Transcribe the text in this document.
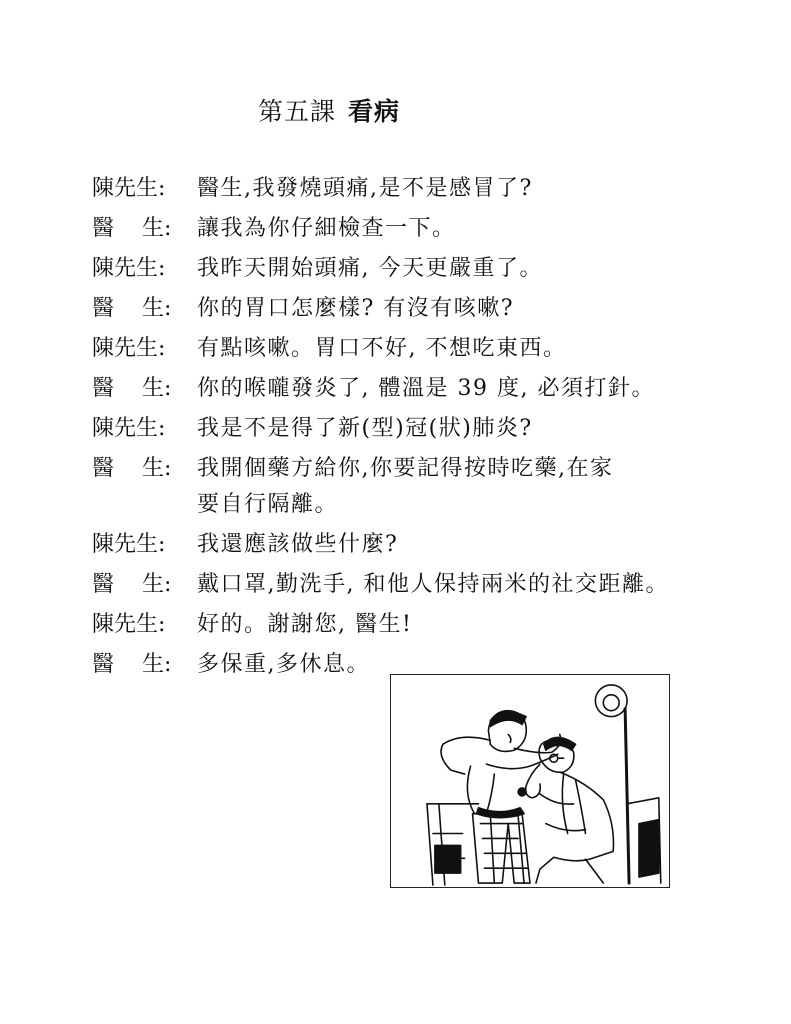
第五課 看病
陳先生:	醫生,我發燒頭痛,是不是感冒了?
醫 生:	讓我為你仔細檢查一下。
陳先生:	我昨天開始頭痛, 今天更嚴重了。
醫 生:	你的胃口怎麼樣? 有沒有咳嗽?
陳先生:	有點咳嗽。胃口不好, 不想吃東西。
醫 生:	你的喉嚨發炎了, 體溫是 39 度, 必須打針。
陳先生:	我是不是得了新(型)冠(狀)肺炎?
醫 生:	我開個藥方給你,你要記得按時吃藥,在家
要自行隔離。
陳先生:	我還應該做些什麼?
醫 生:	戴口罩,勤洗手, 和他人保持兩米的社交距離。
陳先生:	好的。謝謝您, 醫生!
醫 生:	多保重,多休息。
